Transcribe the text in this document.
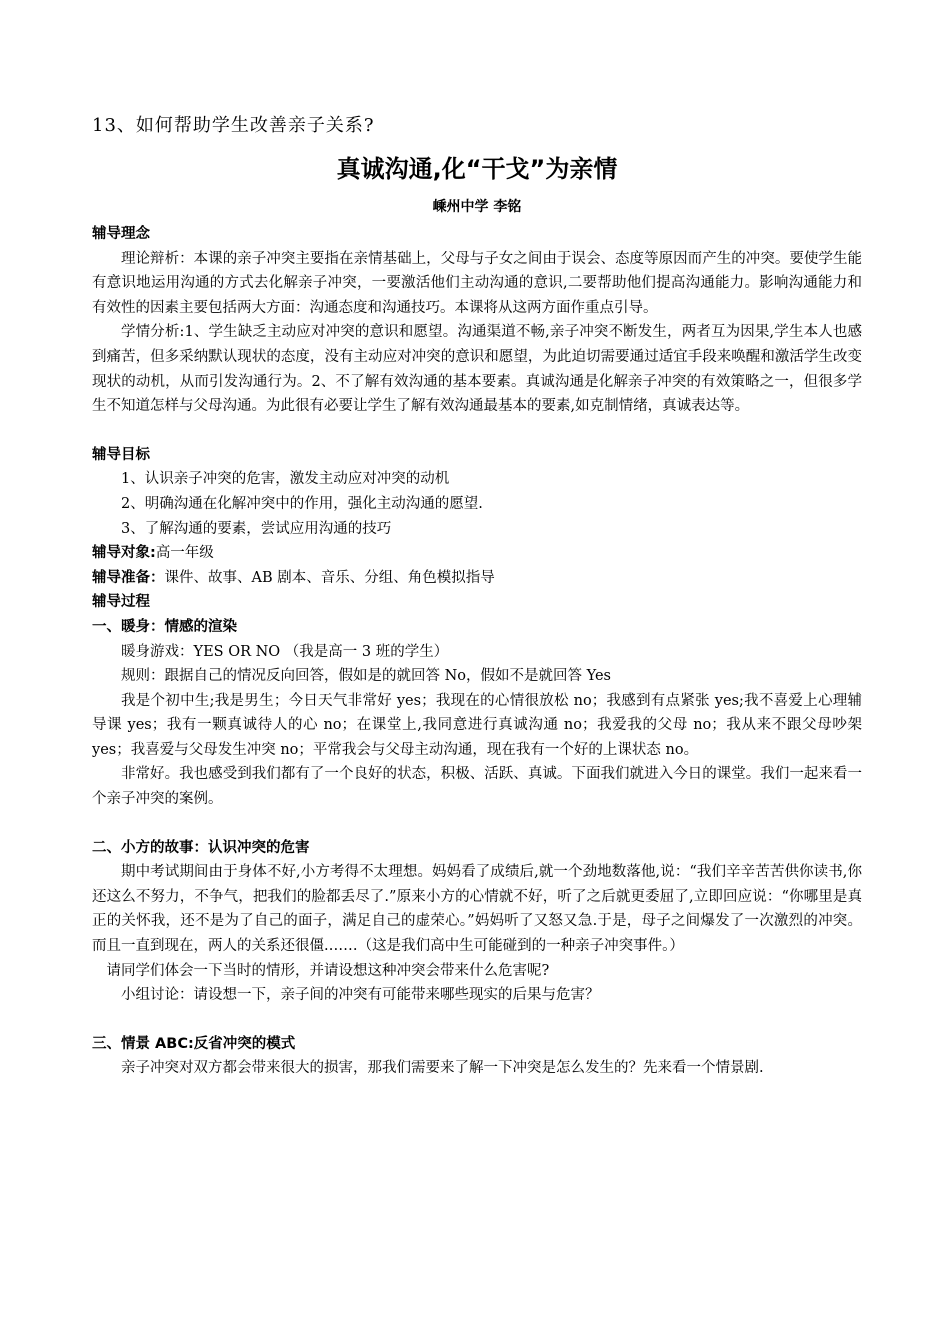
13、如何帮助学生改善亲子关系?

真诚沟通,化“干戈”为亲情

嵊州中学 李铭

辅导理念

理论辩析：本课的亲子冲突主要指在亲情基础上，父母与子女之间由于误会、态度等原因而产生的冲突。要使学生能有意识地运用沟通的方式去化解亲子冲突，一要激活他们主动沟通的意识,二要帮助他们提高沟通能力。影响沟通能力和有效性的因素主要包括两大方面：沟通态度和沟通技巧。本课将从这两方面作重点引导。

学情分析:1、学生缺乏主动应对冲突的意识和愿望。沟通渠道不畅,亲子冲突不断发生，两者互为因果,学生本人也感到痛苦，但多采纳默认现状的态度，没有主动应对冲突的意识和愿望，为此迫切需要通过适宜手段来唤醒和激活学生改变现状的动机，从而引发沟通行为。2、不了解有效沟通的基本要素。真诚沟通是化解亲子冲突的有效策略之一，但很多学生不知道怎样与父母沟通。为此很有必要让学生了解有效沟通最基本的要素,如克制情绪，真诚表达等。

辅导目标

1、认识亲子冲突的危害，激发主动应对冲突的动机

2、明确沟通在化解冲突中的作用，强化主动沟通的愿望.

3、了解沟通的要素，尝试应用沟通的技巧

辅导对象:高一年级

辅导准备：课件、故事、AB 剧本、音乐、分组、角色模拟指导

辅导过程

一、暖身：情感的渲染

暖身游戏：YES OR NO （我是高一 3 班的学生）

规则：跟据自己的情况反向回答，假如是的就回答 No，假如不是就回答 Yes

我是个初中生;我是男生；今日天气非常好 yes；我现在的心情很放松 no；我感到有点紧张 yes;我不喜爱上心理辅导课 yes；我有一颗真诚待人的心 no；在课堂上,我同意进行真诚沟通 no；我爱我的父母 no；我从来不跟父母吵架 yes；我喜爱与父母发生冲突 no；平常我会与父母主动沟通，现在我有一个好的上课状态 no。

非常好。我也感受到我们都有了一个良好的状态，积极、活跃、真诚。下面我们就进入今日的课堂。我们一起来看一个亲子冲突的案例。

二、小方的故事：认识冲突的危害

期中考试期间由于身体不好,小方考得不太理想。妈妈看了成绩后,就一个劲地数落他,说：“我们辛辛苦苦供你读书,你还这么不努力，不争气，把我们的脸都丢尽了.”原来小方的心情就不好，听了之后就更委屈了,立即回应说：“你哪里是真正的关怀我，还不是为了自己的面子，满足自己的虚荣心。”妈妈听了又怒又急.于是，母子之间爆发了一次激烈的冲突。而且一直到现在，两人的关系还很僵.……（这是我们高中生可能碰到的一种亲子冲突事件。）

请同学们体会一下当时的情形，并请设想这种冲突会带来什么危害呢?

小组讨论：请设想一下，亲子间的冲突有可能带来哪些现实的后果与危害？

三、情景 ABC:反省冲突的模式

亲子冲突对双方都会带来很大的损害，那我们需要来了解一下冲突是怎么发生的？先来看一个情景剧.
